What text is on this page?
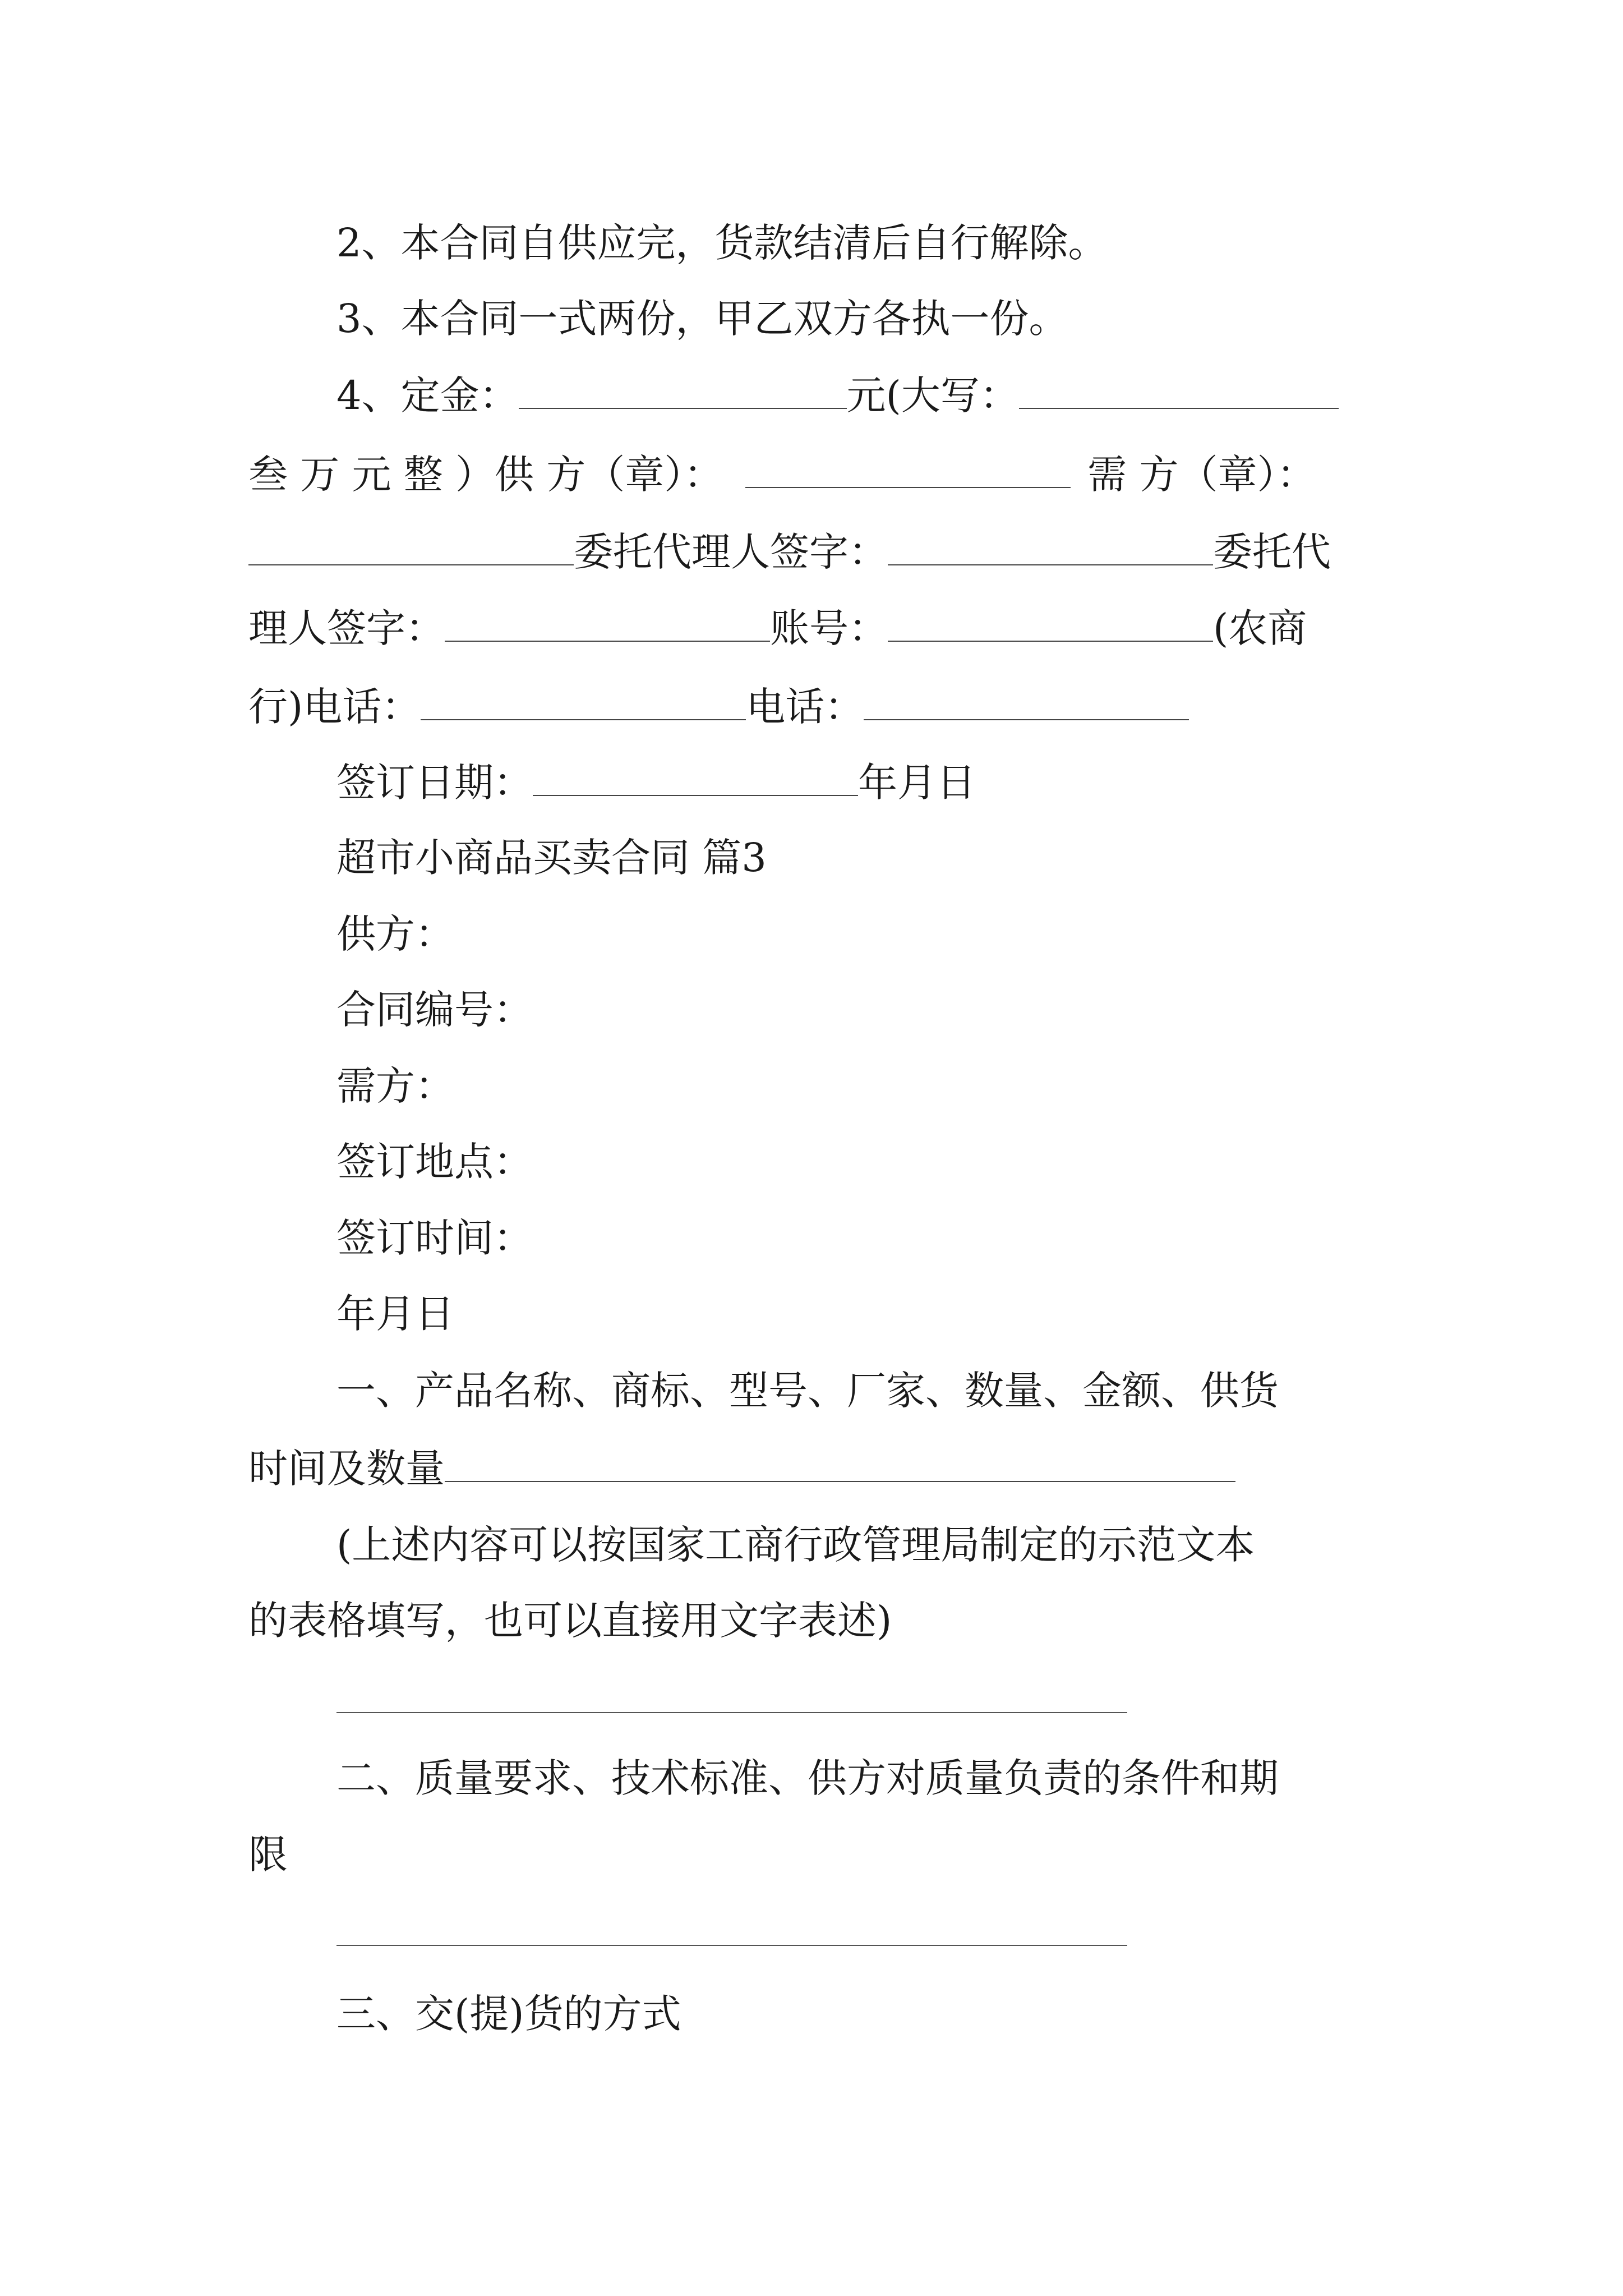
2、本合同自供应完，货款结清后自行解除。
3、本合同一式两份，甲乙双方各执一份。
4、定金：	元(大写：
叁 万 元 整 ）供 方（章）：	需 方（章）：
委托代理人签字：	委托代
理人签字：	账号：	(农商
行)电话：	电话：
签订日期：	年月日
超市小商品买卖合同 篇3
供方：
合同编号：
需方：
签订地点：
签订时间：
年月日
一、产品名称、商标、型号、厂家、数量、金额、供货
时间及数量
(上述内容可以按国家工商行政管理局制定的示范文本
的表格填写，也可以直接用文字表述)
二、质量要求、技术标准、供方对质量负责的条件和期
限
三、交(提)货的方式
